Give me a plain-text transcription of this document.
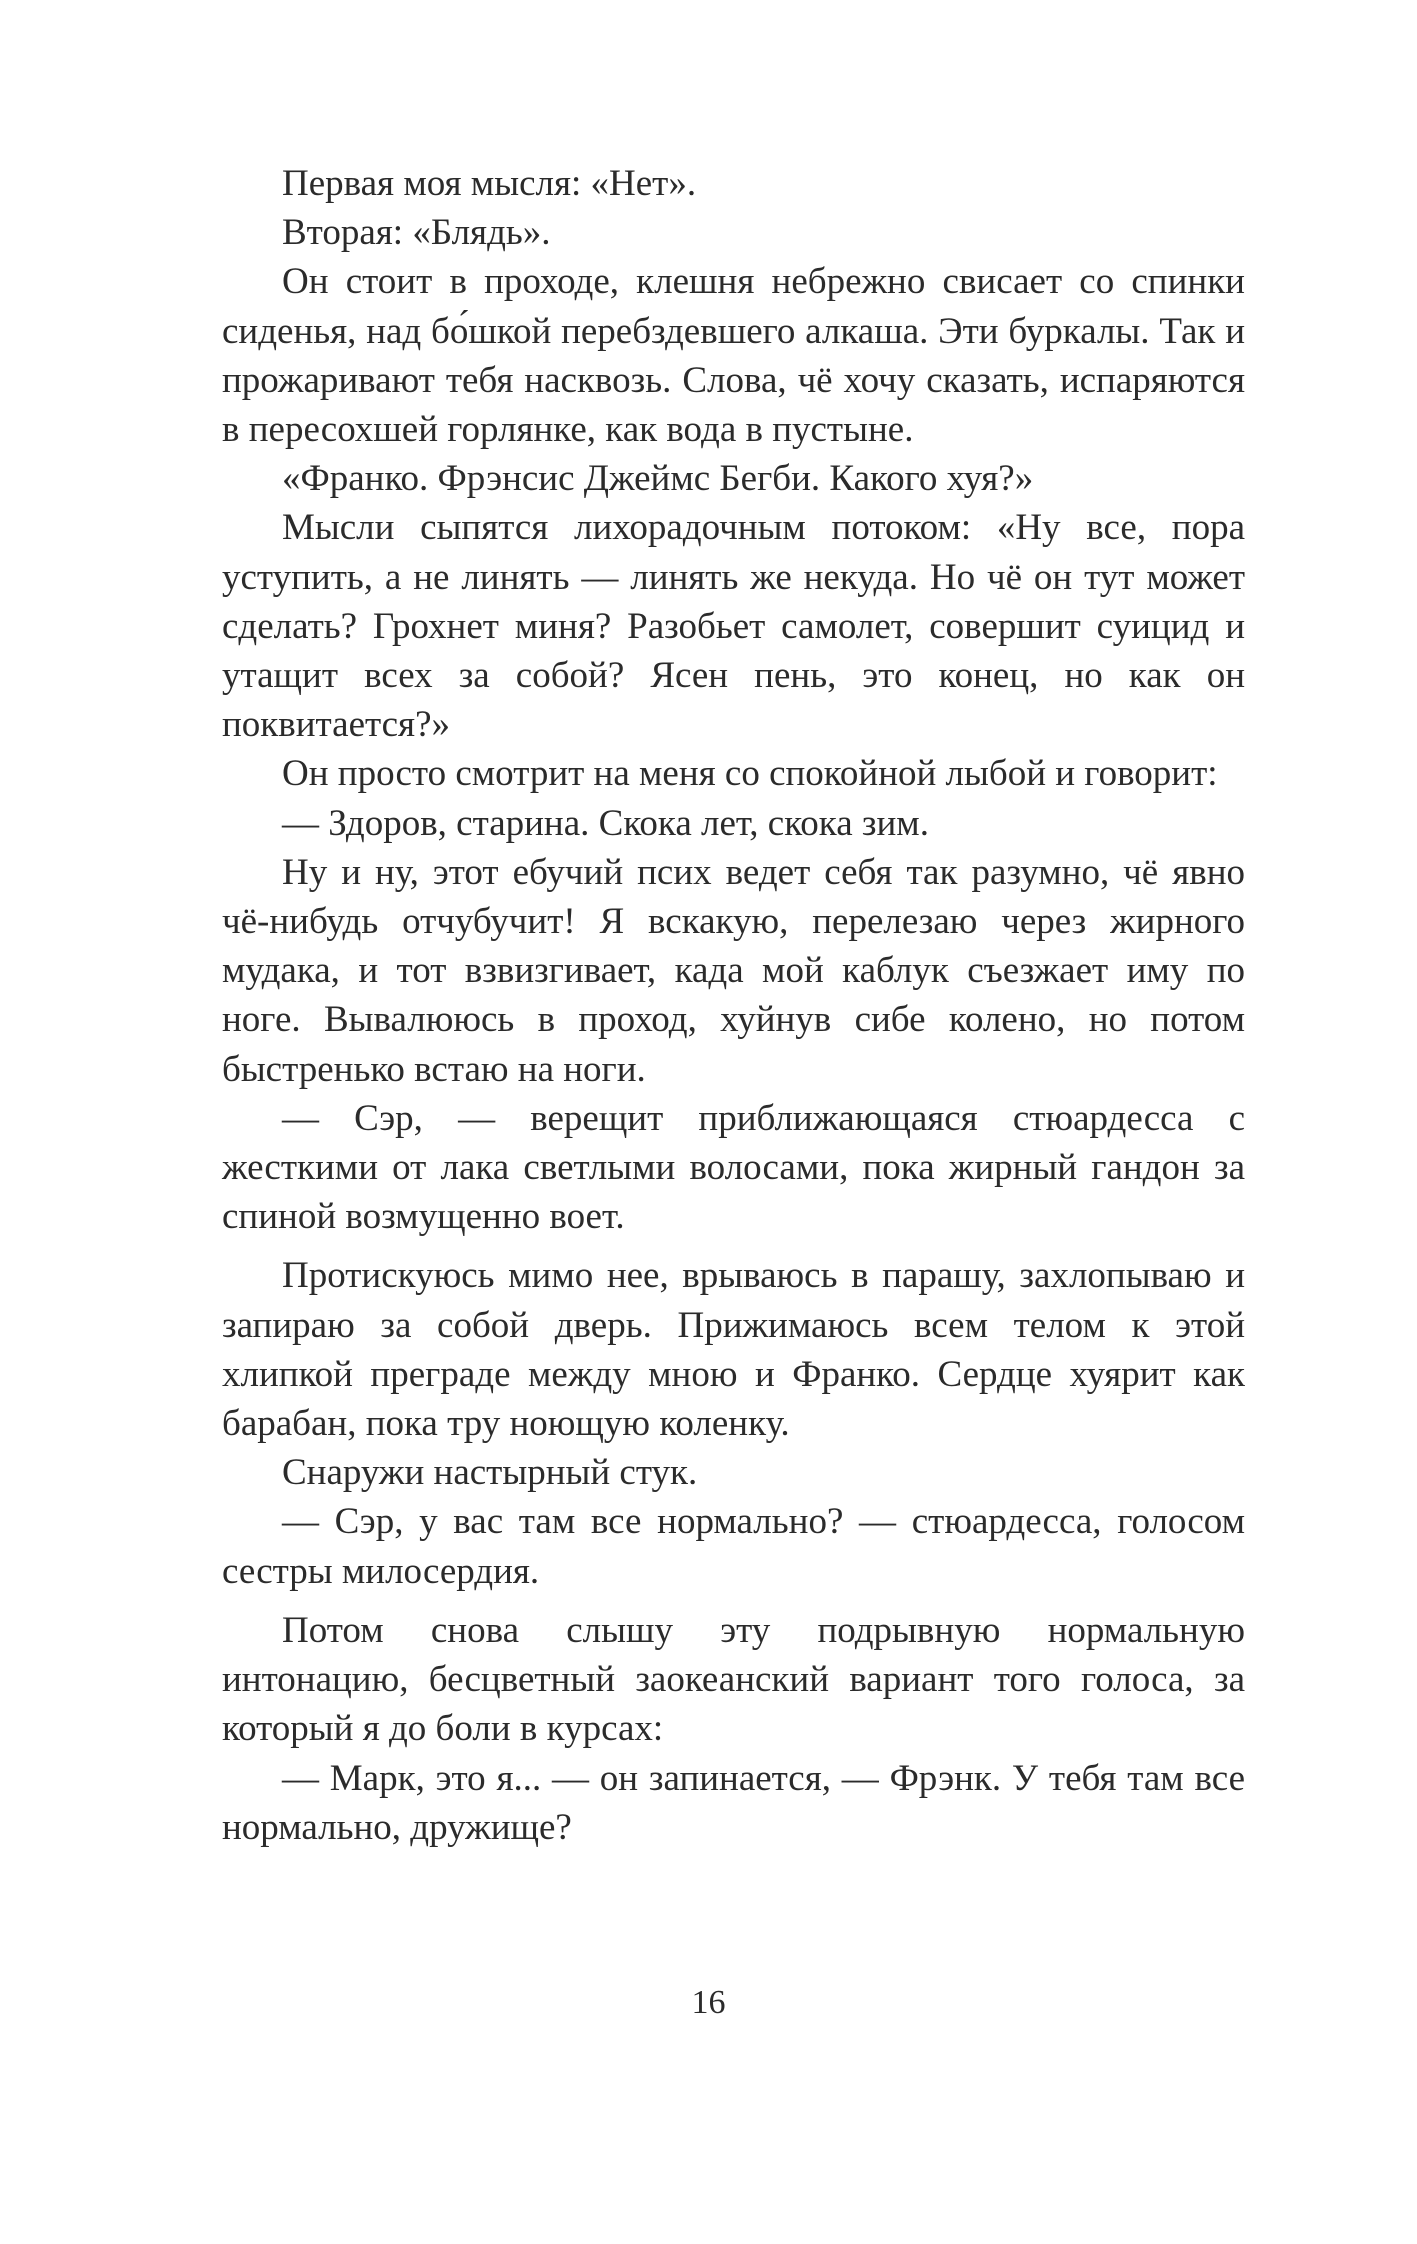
Первая моя мысля: «Нет».

Вторая: «Блядь».

Он стоит в проходе, клешня небрежно свисает со спинки сиденья, над бо́шкой перебздевшего алкаша. Эти буркалы. Так и прожаривают тебя насквозь. Слова, чё хочу сказать, испаряются в пересохшей горлянке, как вода в пустыне.

«Франко. Фрэнсис Джеймс Бегби. Какого хуя?»

Мысли сыпятся лихорадочным потоком: «Ну все, пора уступить, а не линять — линять же некуда. Но чё он тут может сделать? Грохнет миня? Разобьет самолет, совершит суицид и утащит всех за собой? Ясен пень, это конец, но как он поквитается?»

Он просто смотрит на меня со спокойной лыбой и говорит:

— Здоров, старина. Скока лет, скока зим.

Ну и ну, этот ебучий псих ведет себя так разумно, чё явно чё-нибудь отчубучит! Я вскакую, перелезаю через жирного мудака, и тот взвизгивает, када мой каблук съезжает иму по ноге. Вывалююсь в проход, хуйнув сибе колено, но потом быстренько встаю на ноги.

— Сэр, — верещит приближающаяся стюардесса с жесткими от лака светлыми волосами, пока жирный гандон за спиной возмущенно воет.

Протискуюсь мимо нее, врываюсь в парашу, захлопываю и запираю за собой дверь. Прижимаюсь всем телом к этой хлипкой преграде между мною и Франко. Сердце хуярит как барабан, пока тру ноющую коленку.

Снаружи настырный стук.

— Сэр, у вас там все нормально? — стюардесса, голосом сестры милосердия.

Потом снова слышу эту подрывную нормальную интонацию, бесцветный заокеанский вариант того голоса, за который я до боли в курсах:

— Марк, это я... — он запинается, — Фрэнк. У тебя там все нормально, дружище?

16
